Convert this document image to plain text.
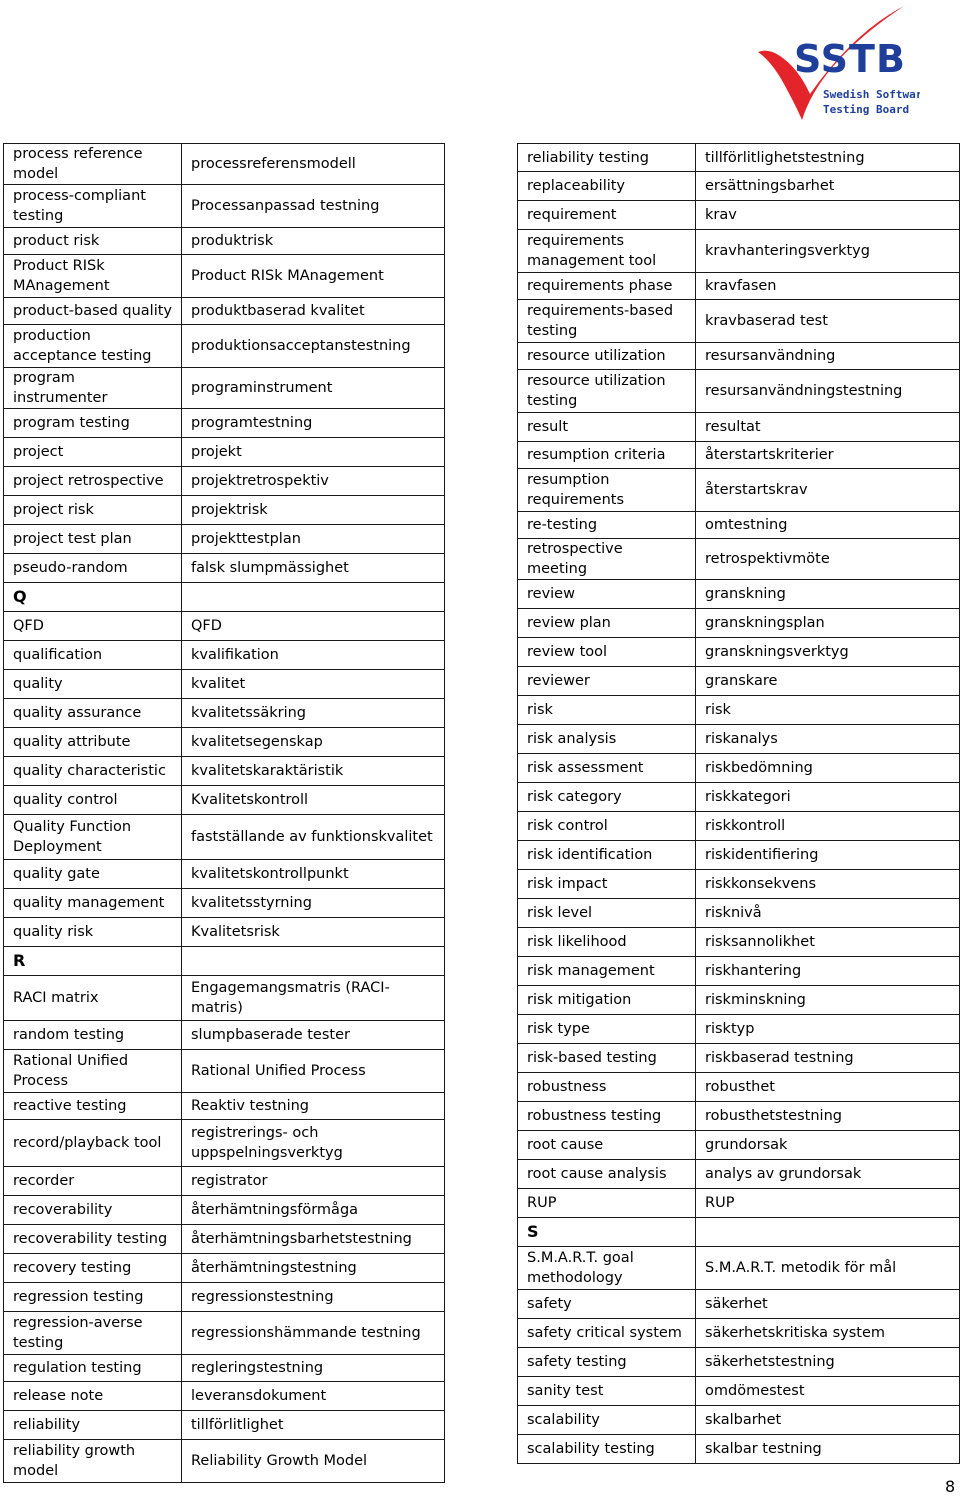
SSTB
Swedish Software
Testing Board
process reference model	processreferensmodell
process-compliant testing	Processanpassad testning
product risk	produktrisk
Product RISk MAnagement	Product RISk MAnagement
product-based quality	produktbaserad kvalitet
production acceptance testing	produktionsacceptanstestning
program instrumenter	programinstrument
program testing	programtestning
project	projekt
project retrospective	projektretrospektiv
project risk	projektrisk
project test plan	projekttestplan
pseudo-random	falsk slumpmässighet
Q	
QFD	QFD
qualification	kvalifikation
quality	kvalitet
quality assurance	kvalitetssäkring
quality attribute	kvalitetsegenskap
quality characteristic	kvalitetskaraktäristik
quality control	Kvalitetskontroll
Quality Function Deployment	fastställande av funktionskvalitet
quality gate	kvalitetskontrollpunkt
quality management	kvalitetsstyrning
quality risk	Kvalitetsrisk
R	
RACI matrix	Engagemangsmatris (RACI-matris)
random testing	slumpbaserade tester
Rational Unified Process	Rational Unified Process
reactive testing	Reaktiv testning
record/playback tool	registrerings- och uppspelningsverktyg
recorder	registrator
recoverability	återhämtningsförmåga
recoverability testing	återhämtningsbarhetstestning
recovery testing	återhämtningstestning
regression testing	regressionstestning
regression-averse testing	regressionshämmande testning
regulation testing	regleringstestning
release note	leveransdokument
reliability	tillförlitlighet
reliability growth model	Reliability Growth Model
reliability testing	tillförlitlighetstestning
replaceability	ersättningsbarhet
requirement	krav
requirements management tool	kravhanteringsverktyg
requirements phase	kravfasen
requirements-based testing	kravbaserad test
resource utilization	resursanvändning
resource utilization testing	resursanvändningstestning
result	resultat
resumption criteria	återstartskriterier
resumption requirements	återstartskrav
re-testing	omtestning
retrospective meeting	retrospektivmöte
review	granskning
review plan	granskningsplan
review tool	granskningsverktyg
reviewer	granskare
risk	risk
risk analysis	riskanalys
risk assessment	riskbedömning
risk category	riskkategori
risk control	riskkontroll
risk identification	riskidentifiering
risk impact	riskkonsekvens
risk level	risknivå
risk likelihood	risksannolikhet
risk management	riskhantering
risk mitigation	riskminskning
risk type	risktyp
risk-based testing	riskbaserad testning
robustness	robusthet
robustness testing	robusthetstestning
root cause	grundorsak
root cause analysis	analys av grundorsak
RUP	RUP
S	
S.M.A.R.T. goal methodology	S.M.A.R.T. metodik för mål
safety	säkerhet
safety critical system	säkerhetskritiska system
safety testing	säkerhetstestning
sanity test	omdömestest
scalability	skalbarhet
scalability testing	skalbar testning
8
